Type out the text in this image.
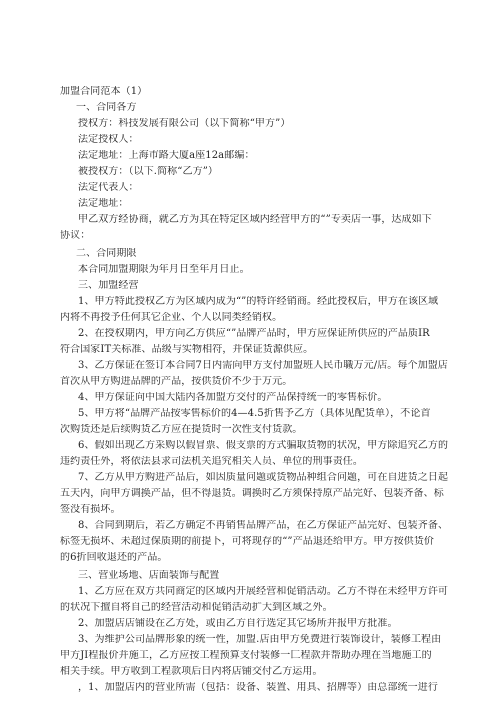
加盟合同范本（1）
一、合同各方
授权方：科技发展有限公司（以下简称“甲方”）
法定授权人：
法定地址：上海市路大厦a座12a邮编：
被授权方：（以下.简称“乙方”）
法定代表人：
法定地址：
甲乙双方经协商，就乙方为其在特定区域内经营甲方的“”专卖店一事，达成如下
协议：
二、合同期限
本合同加盟期限为年月日至年月日止。
三、加盟经营
1、甲方特此授权乙方为区域内成为“”的特许经销商。经此授权后，甲方在该区域
内将不再授予任何其它企业、个人以同类经销权。
2、在授权期内，甲方向乙方供应“”品牌产品时，甲方应保证所供应的产品质IR
符合国家IT关标准、品级与实物相符，并保证货源供应。
3、乙方保证在签订本合同7日内需向甲方支付加盟班人民币職万元/店。每个加盟店
首次从甲方购进品牌的产品，按供货价不少于万元。
4、甲方保证向中国大陆内各加盟方交付的产品保持统一的零售标价。
5、甲方将“品牌产品按零售标价的4—4.5折售予乙方（具体见配货单），不论首
次购货还是后续购货乙方应在提货时一次性支付货款。
6、假如出现乙方采购以假冒票、假支票的方式骗取货物的状况，甲方除追究乙方的
违约责任外，将依法县求司法机关追究相关人员、单位的刑事责任。
7、乙方从甲方购进产品后，如因质量问题或货物品种组合问题，可在自进货之日起
五天内，向甲方调换产品，但不得退货。调换时乙方须保持原产品完好、包装齐备、标
签没有损坏。
8、合同到期后，若乙方确定不再销售品牌产品，在乙方保证产品完好、包装齐备、
标签无损坏、未超过保质期的前提卜，可将现存的“”产品退还给甲方。甲方按供货价
的6折回收退还的产品。
三、营业场地、店面装饰与配置
1、乙方应在双方共同商定的区域内开展经营和促销活动。乙方不得在未经甲方许可
的状况下擅自将自己的经营活动和促销活动扩大到区域之外。
2、加盟店店铺设在乙方处，或由乙方自行选定其它场所并报甲方批准。
3、为维护公司品牌形象的统一性，加盟.店由甲方免费进行装饰设计，装修工程由
甲方JI程报价并施工，乙方应按工程预算支付装修一匚程款并帮助办理在当地施工的
相关手续。甲方收到工程款项后日内将店铺交付乙方运用。
，1、加盟店内的营业所需（包括：设备、装置、用具、招牌等）由总部统一进行
